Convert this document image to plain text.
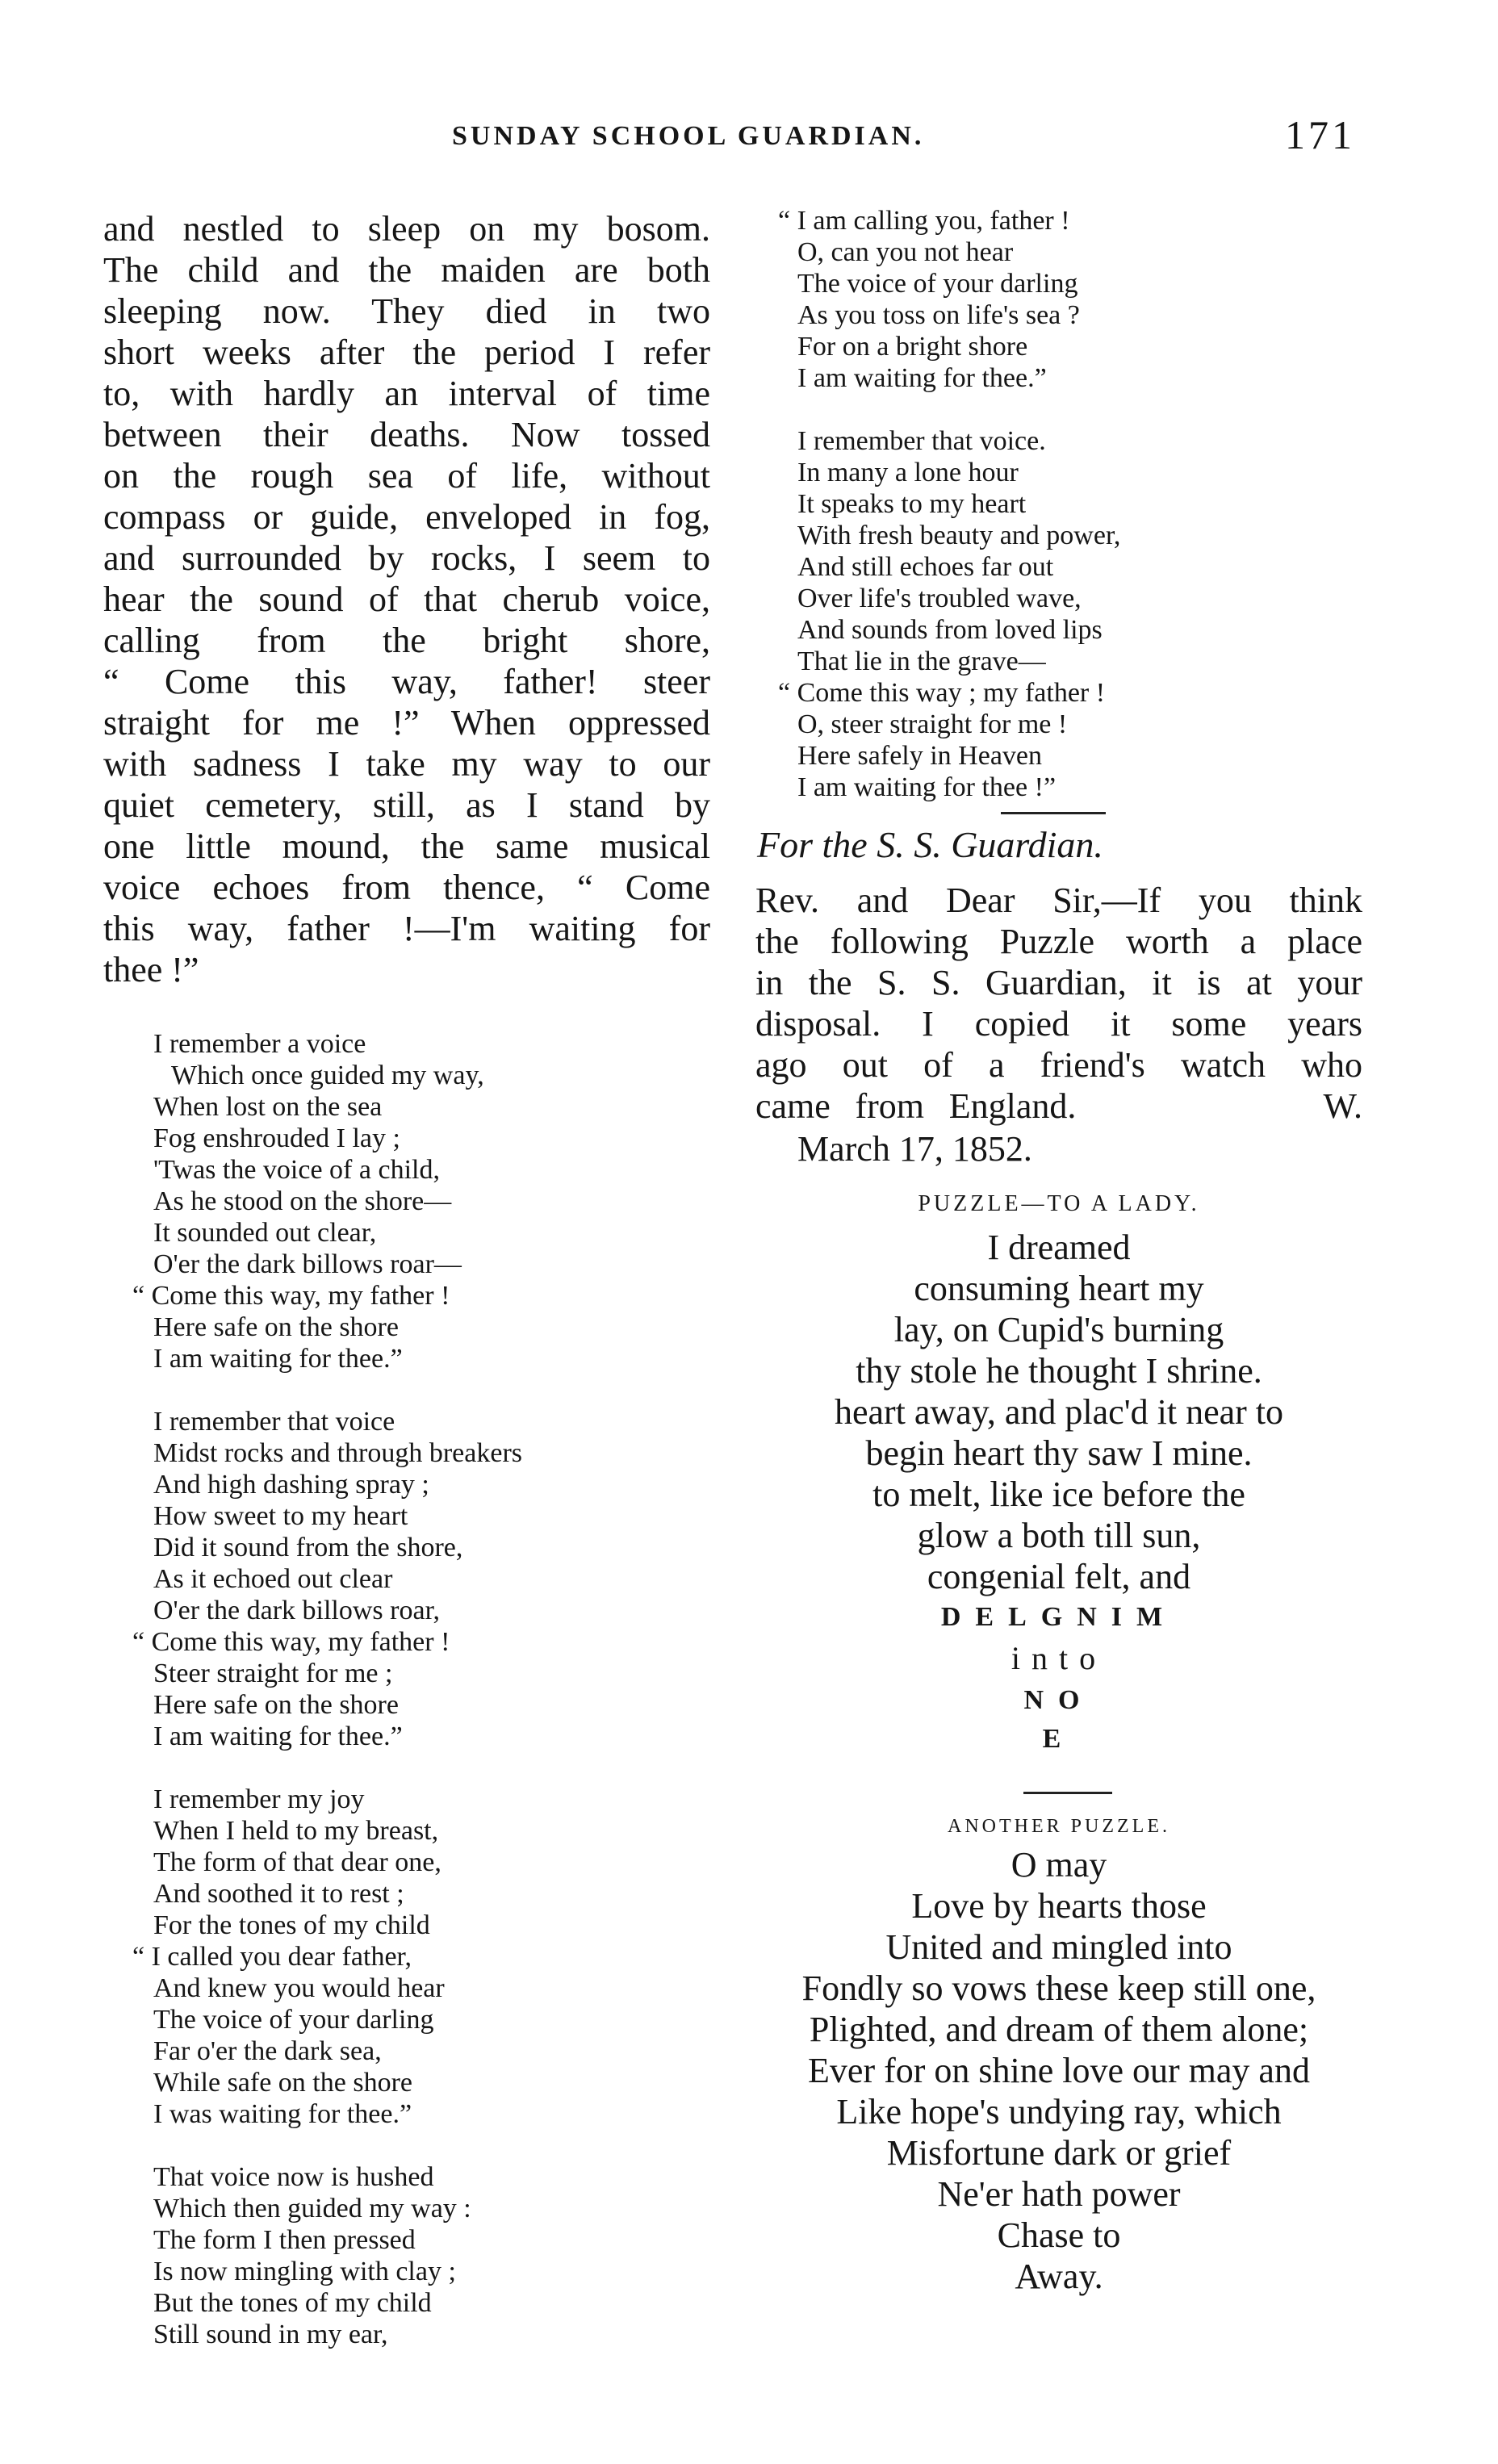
SUNDAY SCHOOL GUARDIAN.	171
and nestled to sleep on my bosom.
The child and the maiden are both
sleeping now. They died in two
short weeks after the period I refer
to, with hardly an interval of time
between their deaths. Now tossed
on the rough sea of life, without
compass or guide, enveloped in fog,
and surrounded by rocks, I seem to
hear the sound of that cherub voice,
calling from the bright shore,
“ Come this way, father! steer
straight for me !” When oppressed
with sadness I take my way to our
quiet cemetery, still, as I stand by
one little mound, the same musical
voice echoes from thence, “ Come
this way, father !—I'm waiting for
thee !”
I remember a voice
Which once guided my way,
When lost on the sea
Fog enshrouded I lay ;
'Twas the voice of a child,
As he stood on the shore—
It sounded out clear,
O'er the dark billows roar—
“ Come this way, my father !
Here safe on the shore
I am waiting for thee.”
I remember that voice
Midst rocks and through breakers
And high dashing spray ;
How sweet to my heart
Did it sound from the shore,
As it echoed out clear
O'er the dark billows roar,
“ Come this way, my father !
Steer straight for me ;
Here safe on the shore
I am waiting for thee.”
I remember my joy
When I held to my breast,
The form of that dear one,
And soothed it to rest ;
For the tones of my child
“ I called you dear father,
And knew you would hear
The voice of your darling
Far o'er the dark sea,
While safe on the shore
I was waiting for thee.”
That voice now is hushed
Which then guided my way :
The form I then pressed
Is now mingling with clay ;
But the tones of my child
Still sound in my ear,
“ I am calling you, father !
O, can you not hear
The voice of your darling
As you toss on life's sea ?
For on a bright shore
I am waiting for thee.”
I remember that voice.
In many a lone hour
It speaks to my heart
With fresh beauty and power,
And still echoes far out
Over life's troubled wave,
And sounds from loved lips
That lie in the grave—
“ Come this way ; my father !
O, steer straight for me !
Here safely in Heaven
I am waiting for thee !”
For the S. S. Guardian.
Rev. and Dear Sir,—If you think
the following Puzzle worth a place
in the S. S. Guardian, it is at your
disposal. I copied it some years
ago out of a friend's watch who
came from England.          W.
March 17, 1852.
PUZZLE—TO A LADY.
I dreamed
consuming heart my
lay, on Cupid's burning
thy stole he thought I shrine.
heart away, and plac'd it near to
begin heart thy saw I mine.
to melt, like ice before the
glow a both till sun,
congenial felt, and
DELGNIM
into
NO
E
ANOTHER PUZZLE.
O may
Love by hearts those
United and mingled into
Fondly so vows these keep still one,
Plighted, and dream of them alone;
Ever for on shine love our may and
Like hope's undying ray, which
Misfortune dark or grief
Ne'er hath power
Chase to
Away.
